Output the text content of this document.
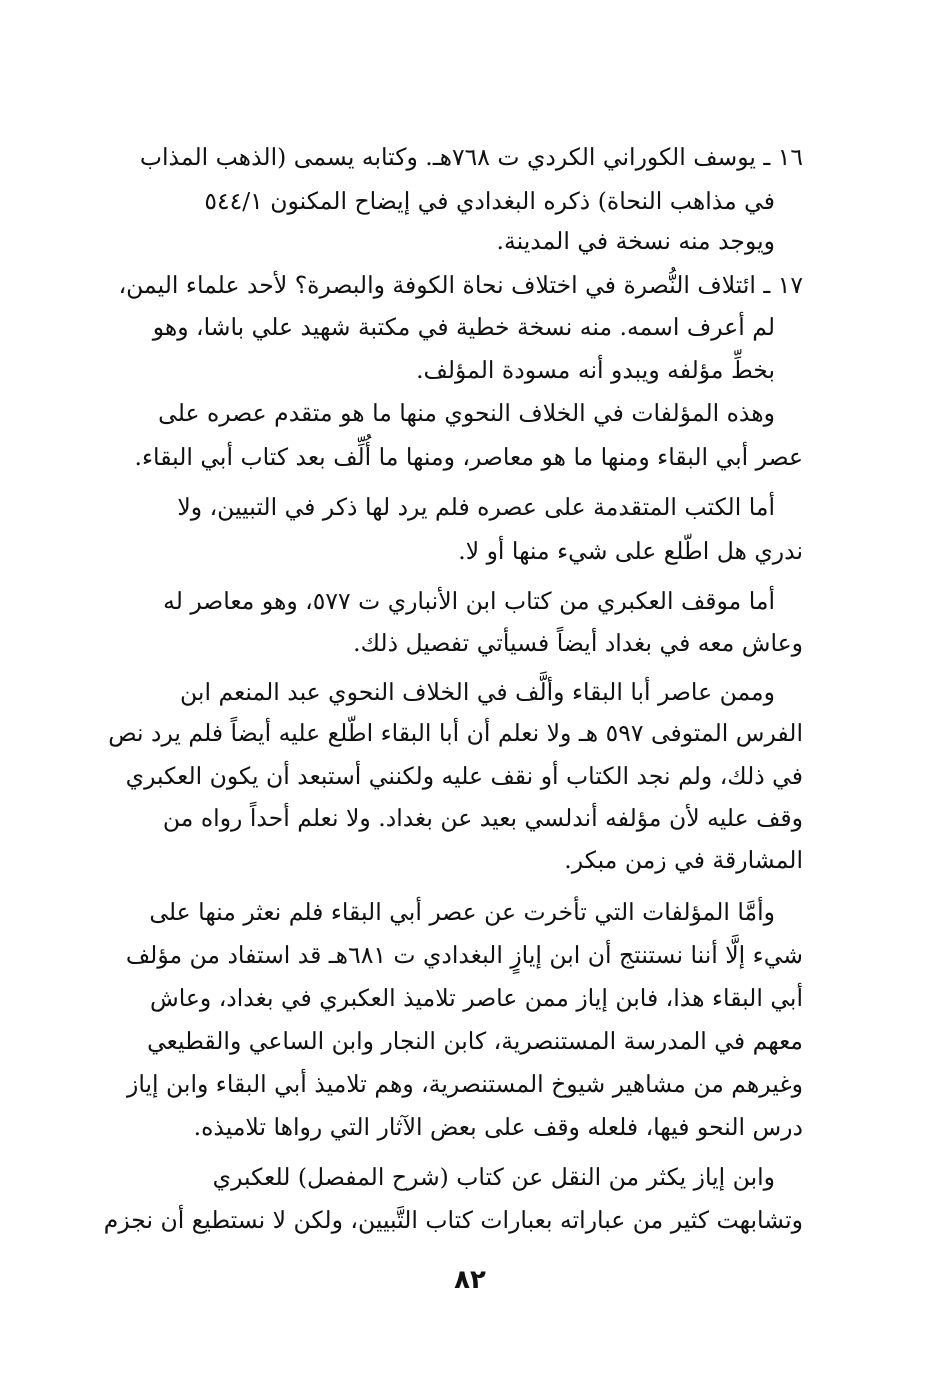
١٦ ـ يوسف الكوراني الكردي ت ٧٦٨هـ. وكتابه يسمى (الذهب المذاب
في مذاهب النحاة) ذكره البغدادي في إيضاح المكنون ٥٤٤/١
ويوجد منه نسخة في المدينة.
١٧ ـ ائتلاف النُّصرة في اختلاف نحاة الكوفة والبصرة؟ لأحد علماء اليمن،
لم أعرف اسمه. منه نسخة خطية في مكتبة شهيد علي باشا، وهو
بخطِّ مؤلفه ويبدو أنه مسودة المؤلف.
وهذه المؤلفات في الخلاف النحوي منها ما هو متقدم عصره على
عصر أبي البقاء ومنها ما هو معاصر، ومنها ما أُلِّف بعد كتاب أبي البقاء.
أما الكتب المتقدمة على عصره فلم يرد لها ذكر في التبيين، ولا
ندري هل اطّلع على شيء منها أو لا.
أما موقف العكبري من كتاب ابن الأنباري ت ٥٧٧، وهو معاصر له
وعاش معه في بغداد أيضاً فسيأتي تفصيل ذلك.
وممن عاصر أبا البقاء وألَّف في الخلاف النحوي عبد المنعم ابن
الفرس المتوفى ٥٩٧ هـ ولا نعلم أن أبا البقاء اطّلع عليه أيضاً فلم يرد نص
في ذلك، ولم نجد الكتاب أو نقف عليه ولكنني أستبعد أن يكون العكبري
وقف عليه لأن مؤلفه أندلسي بعيد عن بغداد. ولا نعلم أحداً رواه من
المشارقة في زمن مبكر.
وأمَّا المؤلفات التي تأخرت عن عصر أبي البقاء فلم نعثر منها على
شيء إلَّا أننا نستنتج أن ابن إيازٍ البغدادي ت ٦٨١هـ قد استفاد من مؤلف
أبي البقاء هذا، فابن إياز ممن عاصر تلاميذ العكبري في بغداد، وعاش
معهم في المدرسة المستنصرية، كابن النجار وابن الساعي والقطيعي
وغيرهم من مشاهير شيوخ المستنصرية، وهم تلاميذ أبي البقاء وابن إياز
درس النحو فيها، فلعله وقف على بعض الآثار التي رواها تلاميذه.
وابن إياز يكثر من النقل عن كتاب (شرح المفصل) للعكبري
وتشابهت كثير من عباراته بعبارات كتاب التَّبيين، ولكن لا نستطيع أن نجزم
٨٢
